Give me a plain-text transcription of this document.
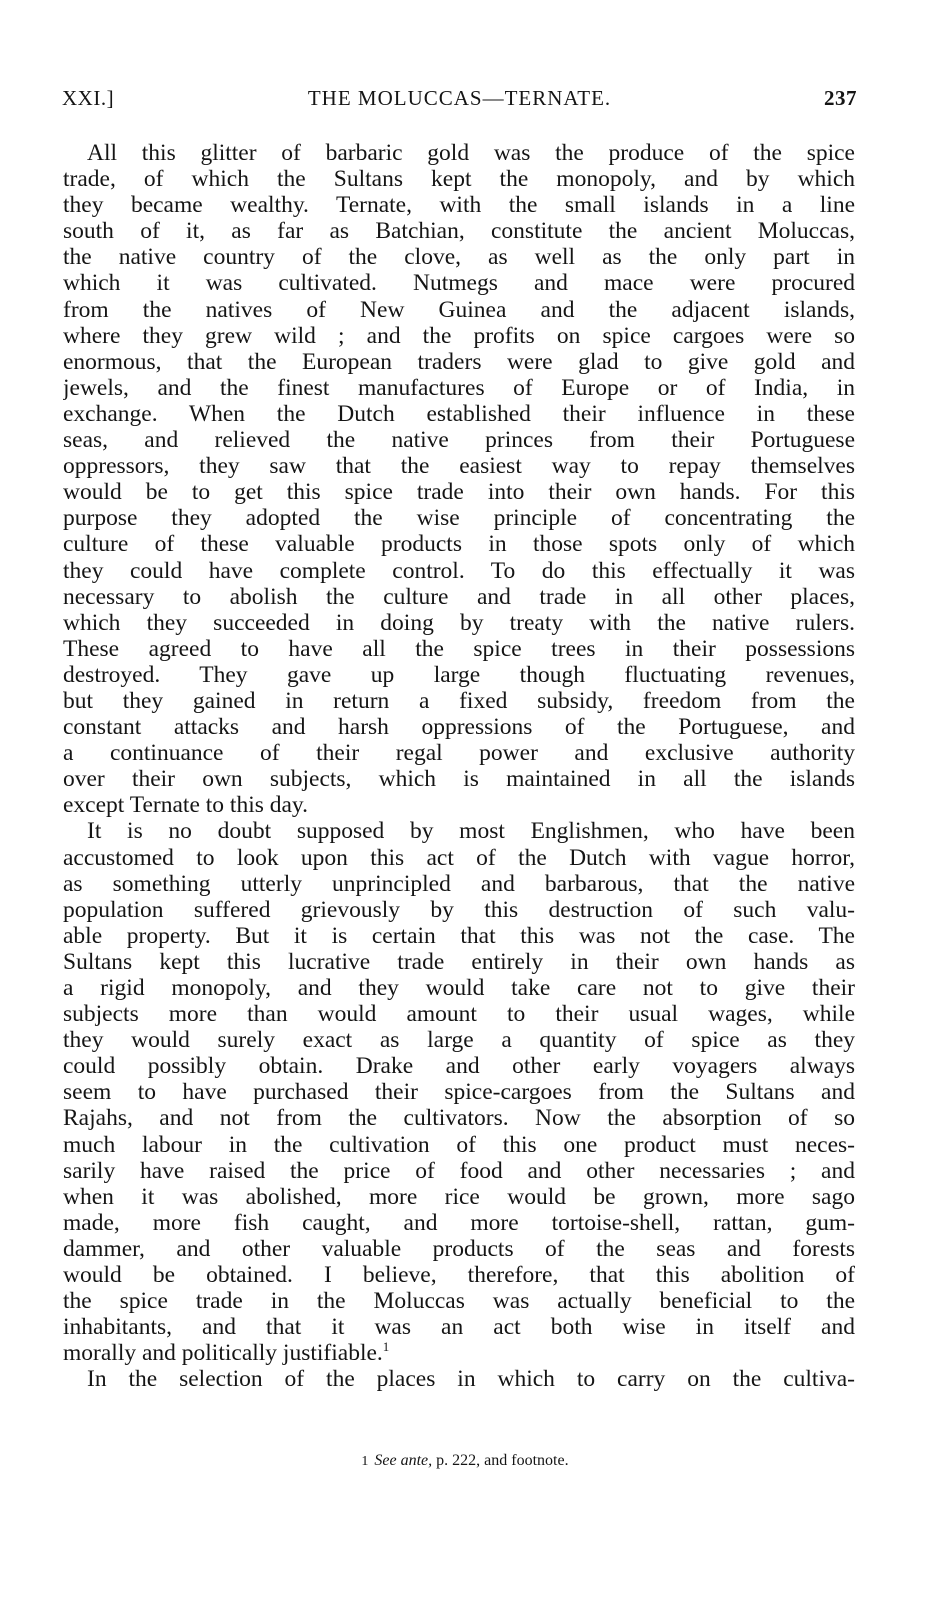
XXI.]	THE MOLUCCAS—TERNATE.	237
All this glitter of barbaric gold was the produce of the spice
trade, of which the Sultans kept the monopoly, and by which
they became wealthy. Ternate, with the small islands in a line
south of it, as far as Batchian, constitute the ancient Moluccas,
the native country of the clove, as well as the only part in
which it was cultivated. Nutmegs and mace were procured
from the natives of New Guinea and the adjacent islands,
where they grew wild ; and the profits on spice cargoes were so
enormous, that the European traders were glad to give gold and
jewels, and the finest manufactures of Europe or of India, in
exchange. When the Dutch established their influence in these
seas, and relieved the native princes from their Portuguese
oppressors, they saw that the easiest way to repay themselves
would be to get this spice trade into their own hands. For this
purpose they adopted the wise principle of concentrating the
culture of these valuable products in those spots only of which
they could have complete control. To do this effectually it was
necessary to abolish the culture and trade in all other places,
which they succeeded in doing by treaty with the native rulers.
These agreed to have all the spice trees in their possessions
destroyed. They gave up large though fluctuating revenues,
but they gained in return a fixed subsidy, freedom from the
constant attacks and harsh oppressions of the Portuguese, and
a continuance of their regal power and exclusive authority
over their own subjects, which is maintained in all the islands
except Ternate to this day.
It is no doubt supposed by most Englishmen, who have been
accustomed to look upon this act of the Dutch with vague horror,
as something utterly unprincipled and barbarous, that the native
population suffered grievously by this destruction of such valu-
able property. But it is certain that this was not the case. The
Sultans kept this lucrative trade entirely in their own hands as
a rigid monopoly, and they would take care not to give their
subjects more than would amount to their usual wages, while
they would surely exact as large a quantity of spice as they
could possibly obtain. Drake and other early voyagers always
seem to have purchased their spice-cargoes from the Sultans and
Rajahs, and not from the cultivators. Now the absorption of so
much labour in the cultivation of this one product must neces-
sarily have raised the price of food and other necessaries ; and
when it was abolished, more rice would be grown, more sago
made, more fish caught, and more tortoise-shell, rattan, gum-
dammer, and other valuable products of the seas and forests
would be obtained. I believe, therefore, that this abolition of
the spice trade in the Moluccas was actually beneficial to the
inhabitants, and that it was an act both wise in itself and
morally and politically justifiable.$^1$
In the selection of the places in which to carry on the cultiva-
1 See ante, p. 222, and footnote.
